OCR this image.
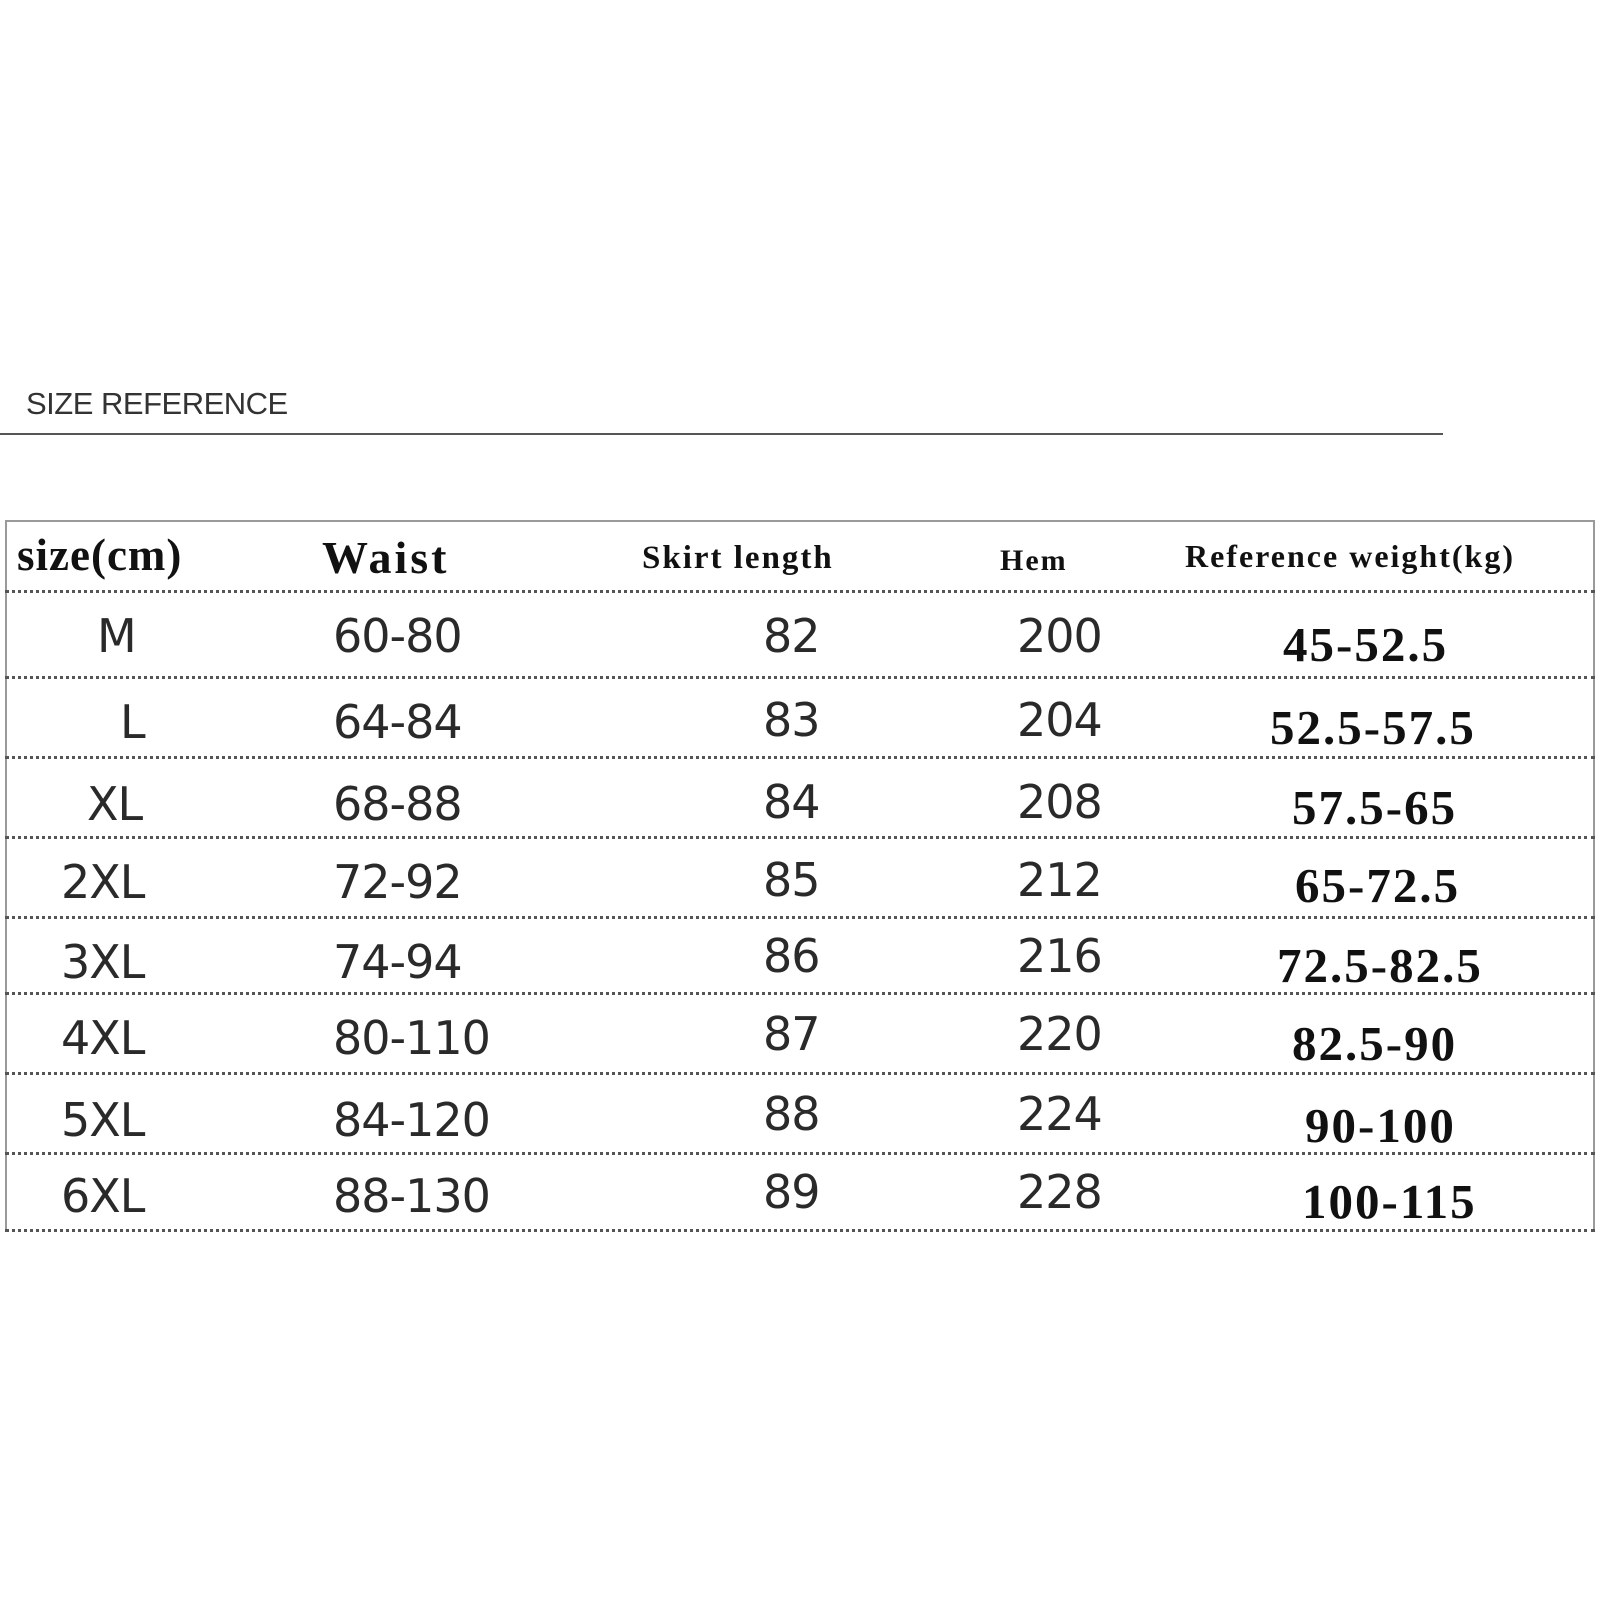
SIZE REFERENCE
size(cm)	Waist	Skirt length	Hem	Reference weight(kg)
M	60-80	82	200	45-52.5
L	64-84	83	204	52.5-57.5
XL	68-88	84	208	57.5-65
2XL	72-92	85	212	65-72.5
3XL	74-94	86	216	72.5-82.5
4XL	80-110	87	220	82.5-90
5XL	84-120	88	224	90-100
6XL	88-130	89	228	100-115
